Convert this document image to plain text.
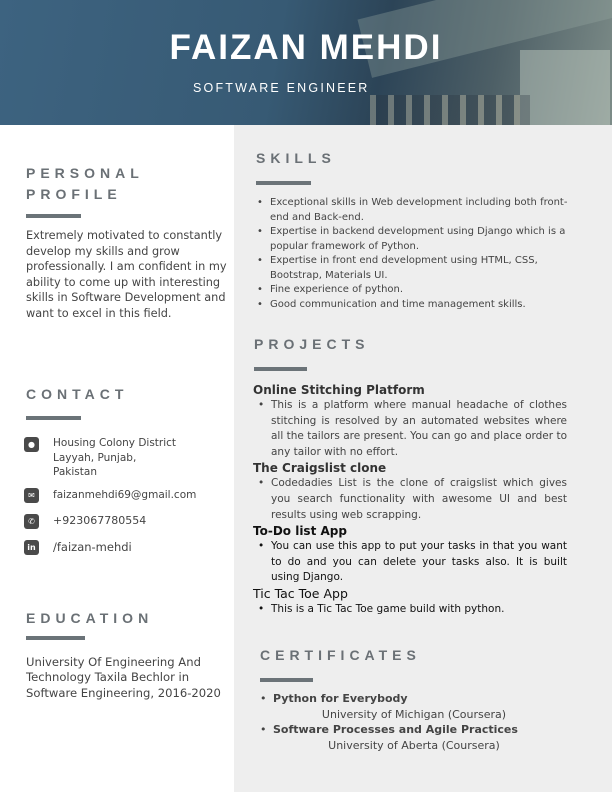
FAIZAN MEHDI
SOFTWARE ENGINEER
PERSONAL
PROFILE
Extremely motivated to constantly develop my skills and grow professionally. I am confident in my ability to come up with interesting skills in Software Development and want to excel in this field.
CONTACT
●	Housing Colony District
Layyah, Punjab,
Pakistan
✉	faizanmehdi69@gmail.com
✆	+923067780554
in /faizan-mehdi
EDUCATION
University Of Engineering And Technology Taxila Bechlor in Software Engineering, 2016-2020
SKILLS
• Exceptional skills in Web development including both front-end and Back-end.
• Expertise in backend development using Django which is a popular framework of Python.
• Expertise in front end development using HTML, CSS, Bootstrap, Materials UI.
• Fine experience of python.
• Good communication and time management skills.
PROJECTS
Online Stitching Platform
• This is a platform where manual headache of clothes stitching is resolved by an automated websites where all the tailors are present. You can go and place order to any tailor with no effort.
The Craigslist clone
• Codedadies List is the clone of craigslist which gives you search functionality with awesome UI and best results using web scrapping.
To-Do list App
• You can use this app to put your tasks in that you want to do and you can delete your tasks also. It is built using Django.
Tic Tac Toe App
• This is a Tic Tac Toe game build with python.
CERTIFICATES
• Python for Everybody
University of Michigan (Coursera)
• Software Processes and Agile Practices
University of Aberta (Coursera)
